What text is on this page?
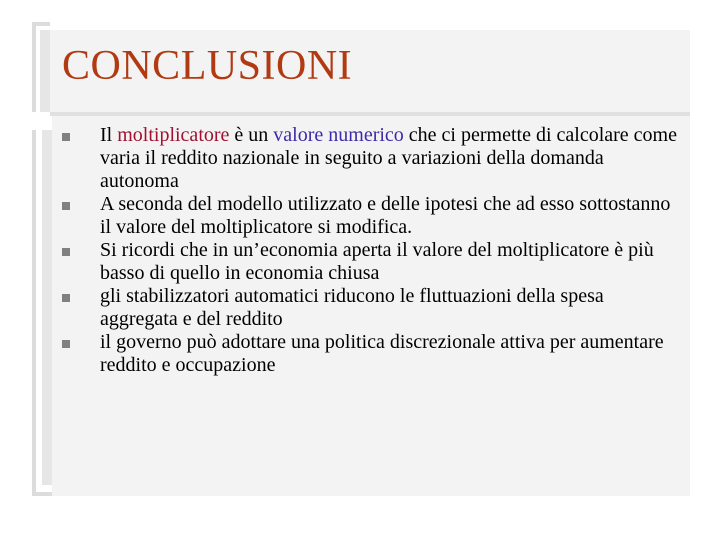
CONCLUSIONI
Il moltiplicatore è un valore numerico che ci permette di calcolare come varia il reddito nazionale in seguito a variazioni della domanda autonoma
A seconda del modello utilizzato e delle ipotesi che ad esso sottostanno il valore del moltiplicatore si modifica.
Si ricordi che in un’economia aperta il valore del moltiplicatore è più basso di quello in economia chiusa
gli stabilizzatori automatici riducono le fluttuazioni della spesa aggregata e del reddito
il governo può adottare una politica discrezionale attiva per aumentare reddito e occupazione
